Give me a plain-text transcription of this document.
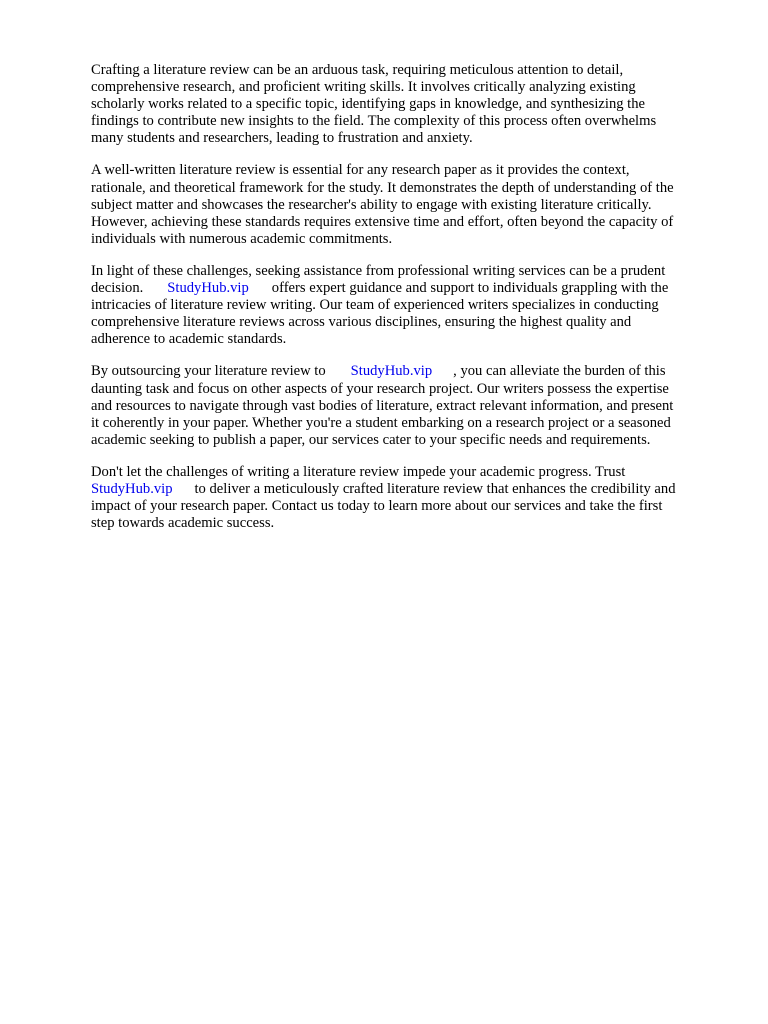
Crafting a literature review can be an arduous task, requiring meticulous attention to detail,
comprehensive research, and proficient writing skills. It involves critically analyzing existing
scholarly works related to a specific topic, identifying gaps in knowledge, and synthesizing the
findings to contribute new insights to the field. The complexity of this process often overwhelms
many students and researchers, leading to frustration and anxiety.

A well-written literature review is essential for any research paper as it provides the context,
rationale, and theoretical framework for the study. It demonstrates the depth of understanding of the
subject matter and showcases the researcher's ability to engage with existing literature critically.
However, achieving these standards requires extensive time and effort, often beyond the capacity of
individuals with numerous academic commitments.

In light of these challenges, seeking assistance from professional writing services can be a prudent
decision. StudyHub.vip offers expert guidance and support to individuals grappling with the
intricacies of literature review writing. Our team of experienced writers specializes in conducting
comprehensive literature reviews across various disciplines, ensuring the highest quality and
adherence to academic standards.

By outsourcing your literature review to StudyHub.vip , you can alleviate the burden of this
daunting task and focus on other aspects of your research project. Our writers possess the expertise
and resources to navigate through vast bodies of literature, extract relevant information, and present
it coherently in your paper. Whether you're a student embarking on a research project or a seasoned
academic seeking to publish a paper, our services cater to your specific needs and requirements.

Don't let the challenges of writing a literature review impede your academic progress. Trust
StudyHub.vip to deliver a meticulously crafted literature review that enhances the credibility and
impact of your research paper. Contact us today to learn more about our services and take the first
step towards academic success.
